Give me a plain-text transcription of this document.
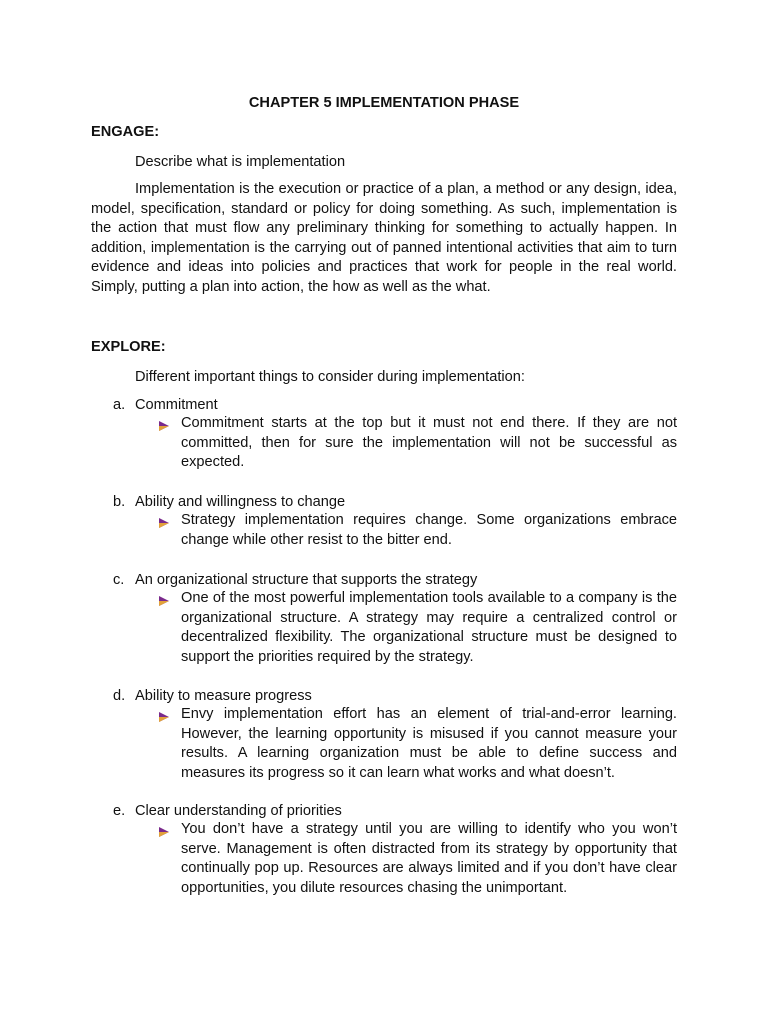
CHAPTER 5 IMPLEMENTATION PHASE
ENGAGE:
Describe what is implementation

Implementation is the execution or practice of a plan, a method or any design, idea, model, specification, standard or policy for doing something. As such, implementation is the action that must flow any preliminary thinking for something to actually happen. In addition, implementation is the carrying out of panned intentional activities that aim to turn evidence and ideas into policies and practices that work for people in the real world. Simply, putting a plan into action, the how as well as the what.

EXPLORE:
Different important things to consider during implementation:
a. Commitment

Commitment starts at the top but it must not end there. If they are not committed, then for sure the implementation will not be successful as expected.

b. Ability and willingness to change

Strategy implementation requires change. Some organizations embrace change while other resist to the bitter end.

c. An organizational structure that supports the strategy

One of the most powerful implementation tools available to a company is the organizational structure. A strategy may require a centralized control or decentralized flexibility. The organizational structure must be designed to support the priorities required by the strategy.

d. Ability to measure progress

Envy implementation effort has an element of trial-and-error learning. However, the learning opportunity is misused if you cannot measure your results. A learning organization must be able to define success and measures its progress so it can learn what works and what doesn’t.

e. Clear understanding of priorities

You don’t have a strategy until you are willing to identify who you won’t serve. Management is often distracted from its strategy by opportunity that continually pop up. Resources are always limited and if you don’t have clear opportunities, you dilute resources chasing the unimportant.
